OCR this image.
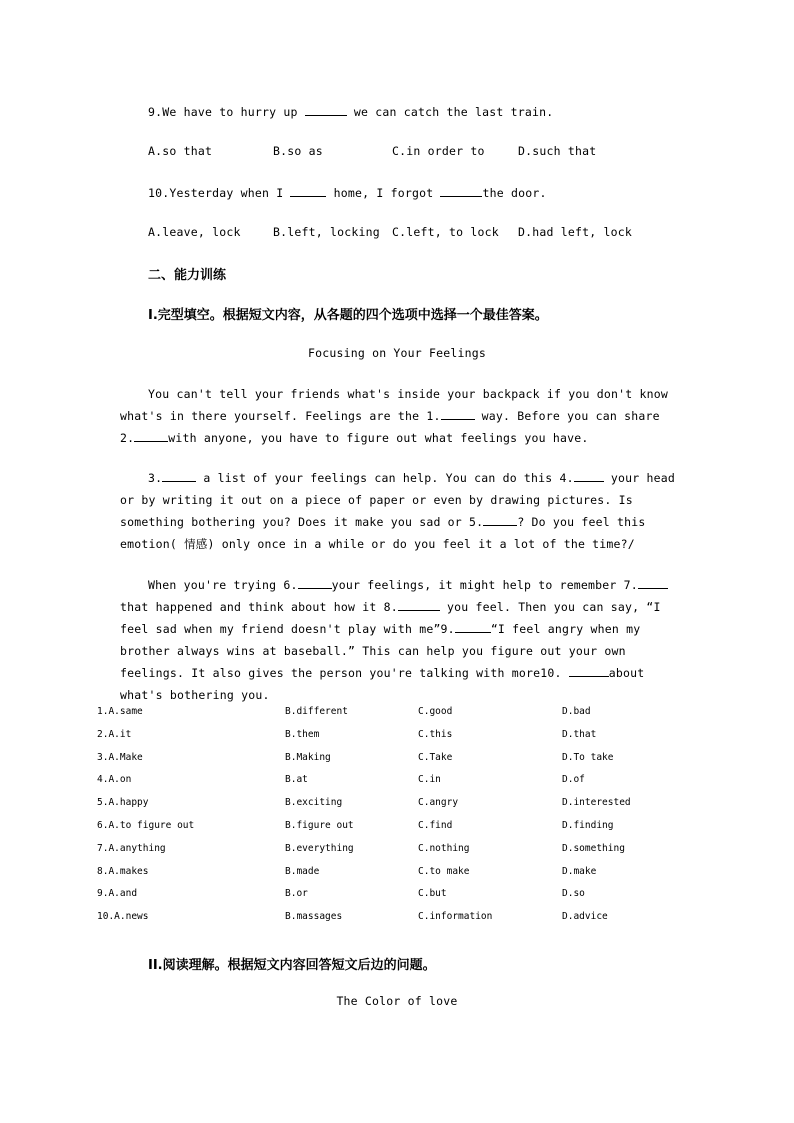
9.We have to hurry up	we can catch the last train.
A.so that	B.so as	C.in order to	D.such that
10.Yesterday when I	home, I forgot	the door.
A.leave, lock	B.left, locking C.left, to lock D.had left, lock
二、能力训练
I.完型填空。根据短文内容，从各题的四个选项中选择一个最佳答案。
Focusing on Your Feelings
You can't tell your friends what's inside your backpack if you don't know what's in there yourself. Feelings are the 1.	way. Before you can share 2.	with anyone, you have to figure out what feelings you have.
3.	a list of your feelings can help. You can do this 4.	your head or by writing it out on a piece of paper or even by drawing pictures. Is something bothering you? Does it make you sad or 5.	? Do you feel this emotion( 情感) only once in a while or do you feel it a lot of the time?/
When you're trying 6.	your feelings, it might help to remember 7. that happened and think about how it 8.	you feel. Then you can say, “I feel sad when my friend doesn't play with me”9.	“I feel angry when my brother always wins at baseball.” This can help you figure out your own feelings. It also gives the person you're talking with more10.	about what's bothering you.
1.A.same	B.different	C.good	D.bad
2.A.it	B.them	C.this	D.that
3.A.Make	B.Making	C.Take	D.To take
4.A.on	B.at	C.in	D.of
5.A.happy	B.exciting	C.angry	D.interested
6.A.to figure out	B.figure out	C.find	D.finding
7.A.anything	B.everything	C.nothing	D.something
8.A.makes	B.made	C.to make	D.make
9.A.and	B.or	C.but	D.so
10.A.news	B.massages	C.information	D.advice
II.阅读理解。根据短文内容回答短文后边的问题。
The Color of love
